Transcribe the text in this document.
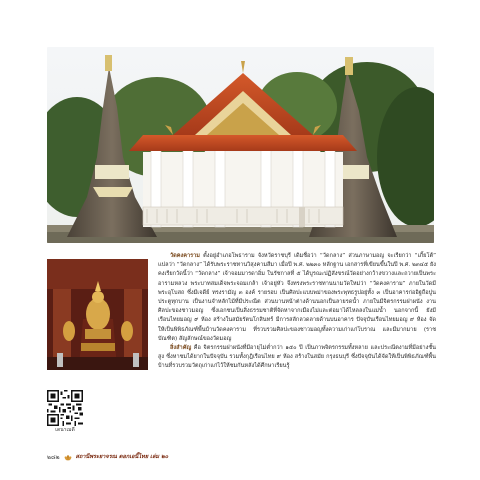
เดนาเมดี

วัดคงคาราม ตั้งอยู่อำเภอโพธาราม จังหวัดราชบุรี เดิมชื่อว่า “วัดกลาง” ส่วนภาษามอญ จะเรียกว่า “เภี้ยโต้” แปลว่า “วัดกลาง” ได้รับพระราชทานวิสุงคามสีมา เมื่อปี พ.ศ. ๒๒๓๐ หลักฐาน เอกสารที่เขียนขึ้นในปี พ.ศ. ๒๓๔๕ ยังคงเรียกวัดนี้ว่า “วัดกลาง” เจ้าจอมมารดาอิ่ม ในรัชกาลที่ ๕ ได้บูรณะปฏิสังขรณ์วัดอย่างกว้างขวางและถวายเป็นพระอารามหลวง พระบาทสมเด็จพระจอมเกล้า เจ้าอยู่หัว จึงทรงพระราชทานนามวัดใหม่ว่า “วัดคงคาราม” ภายในวัดมีพระอุโบสถ ซึ่งมีเจดีย์ ทรงรามัญ ๓ องค์ รายรอบ เป็นศิลปะแบบพม่าของพระพุทธรูปอยู่ทั้ง ๓ เป็นอาคารก่ออิฐถือปูน ประตูทุกบาน เป็นงานจำหลักไม้ที่มีประณีต ส่วนบานหน้าต่างด้านนอกเป็นลายรดน้ำ ภายในมีจิตรกรรมฝาผนัง งานศิลปะของชาวมอญ ซึ่งเอกชนเป็นสิ่งธรรมชาติที่จัดหาจากเมืองไม่และต่อมาได้ไหลลงในแม่น้ำ นอกจากนี้ ยังมีเรือนไทยมอญ ๙ ห้อง สร้างในสมัยรัตนโกสินทร์ มีการสลักลวดลายด้านบนอาคาร ปัจจุบันเรือนไทยมอญ ๙ ห้อง จัดให้เป็นพิพิธภัณฑ์พื้นบ้านวัดคงคาราม ที่รวบรวมศิลปะของชาวมอญทั้งความเก่าแก่โบราณ และมีมากมาย (ราชบัณฑิต) สัญลักษณ์ของวัดมอญ

สิ่งสำคัญ คือ จิตรกรรมฝาผนังที่มีอายุไม่ต่ำกว่า ๑๕๐ ปี เป็นภาพจิตรกรรมทั้งหลาย และประณีตงามที่มีอย่างชั้นสูง ซึ่งหาชมได้ยากในปัจจุบัน รวมทั้งกุฎิเรือนไทย ๙ ห้อง สร้างในสมัย กรุงธนบุรี ซึ่งปัจจุบันได้จัดให้เป็นพิพิธภัณฑ์พื้นบ้านที่รวบรวมวัตถุเก่าแก่ไว้ให้ชมกันหลังได้ศึกษาเรียนรู้

๒๘๒	สถานีพระยาจรณ ดอกเอนี้ไทย เล่ม ๒๐
